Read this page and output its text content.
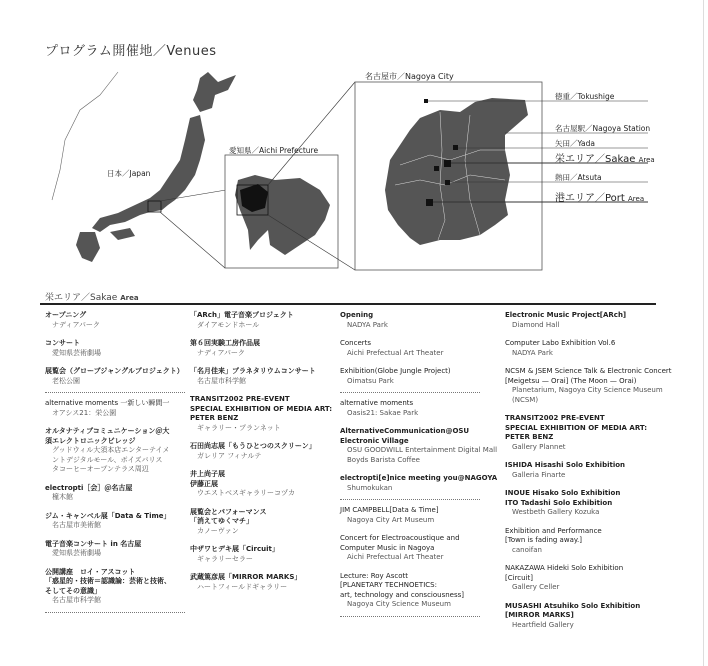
プログラム開催地／Venues
日本／Japan
愛知県／Aichi Prefecture
名古屋市／Nagoya City
徳重／Tokushige
名古屋駅／Nagoya Station
矢田／Yada
栄エリア／Sakae Area
熱田／Atsuta
港エリア／Port Area
栄エリア／Sakae Area
オープニング
ナディアパーク
コンサート
愛知県芸術劇場
展覧会（グローブジャングルプロジェクト）
老松公園
alternative moments 一新しい瞬間一
オアシス21：栄公園
オルタナティブコミュニケーション＠大
須エレクトロニックビレッジ
グッドウィル大須本店エンターテイメ
ントデジタルモール、ボイズバリス
タコーヒーオープンテラス周辺
electropti［会］＠名古屋
橦木館
ジム・キャンベル展「Data & Time」
名古屋市美術館
電子音楽コンサート in 名古屋
愛知県芸術劇場
公開講座　ロイ・アスコット
「惑星的・技術＝認識論：芸術と技術、
そしてその意識」
名古屋市科学館
「ARch」電子音楽プロジェクト
ダイアモンドホール
第６回実験工房作品展
ナディアパーク
「名月佳来」プラネタリウムコンサート
名古屋市科学館
TRANSIT2002 PRE-EVENT
SPECIAL EXHIBITION OF MEDIA ART:
PETER BENZ
ギャラリー・プランネット
石田尚志展「もうひとつのスクリーン」
ガレリア フィナルテ
井上尚子展
伊藤正展
ウエストベスギャラリーコヅカ
展覧会とパフォーマンス
「消えてゆくマチ」
カノーヴァン
中ザワヒデキ展「Circuit」
ギャラリーセラー
武蔵篤彦展「MIRROR MARKS」
ハートフィールドギャラリー
Opening
NADYA Park
Concerts
Aichi Prefectual Art Theater
Exhibition(Globe Jungle Project)
Oimatsu Park
alternative moments
Oasis21: Sakae Park
AlternativeCommunication@OSU
Electronic Village
OSU GOODWILL Entertainment Digital Mall
Boyds Barista Coffee
electropti[e]nice meeting you@NAGOYA
Shumokukan
JIM CAMPBELL[Data & Time]
Nagoya City Art Museum
Concert for Electroacoustique and
Computer Music in Nagoya
Aichi Prefectual Art Theater
Lecture: Roy Ascott
[PLANETARY TECHNOETICS:
art, technology and consciousness]
Nagoya City Science Museum
Electronic Music Project[ARch]
Diamond Hall
Computer Labo Exhibition Vol.6
NADYA Park
NCSM & JSEM Science Talk & Electronic Concert
[Meigetsu — Orai] (The Moon — Orai)
Planetarium, Nagoya City Science Museum
(NCSM)
TRANSIT2002 PRE-EVENT
SPECIAL EXHIBITION OF MEDIA ART:
PETER BENZ
Gallery Plannet
ISHIDA Hisashi Solo Exhibition
Galleria Finarte
INOUE Hisako Solo Exhibition
ITO Tadashi Solo Exhibition
Westbeth Gallery Kozuka
Exhibition and Performance
[Town is fading away.]
canoifan
NAKAZAWA Hideki Solo Exhibition
[Circuit]
Gallery Celler
MUSASHI Atsuhiko Solo Exhibition
[MIRROR MARKS]
Heartfield Gallery
